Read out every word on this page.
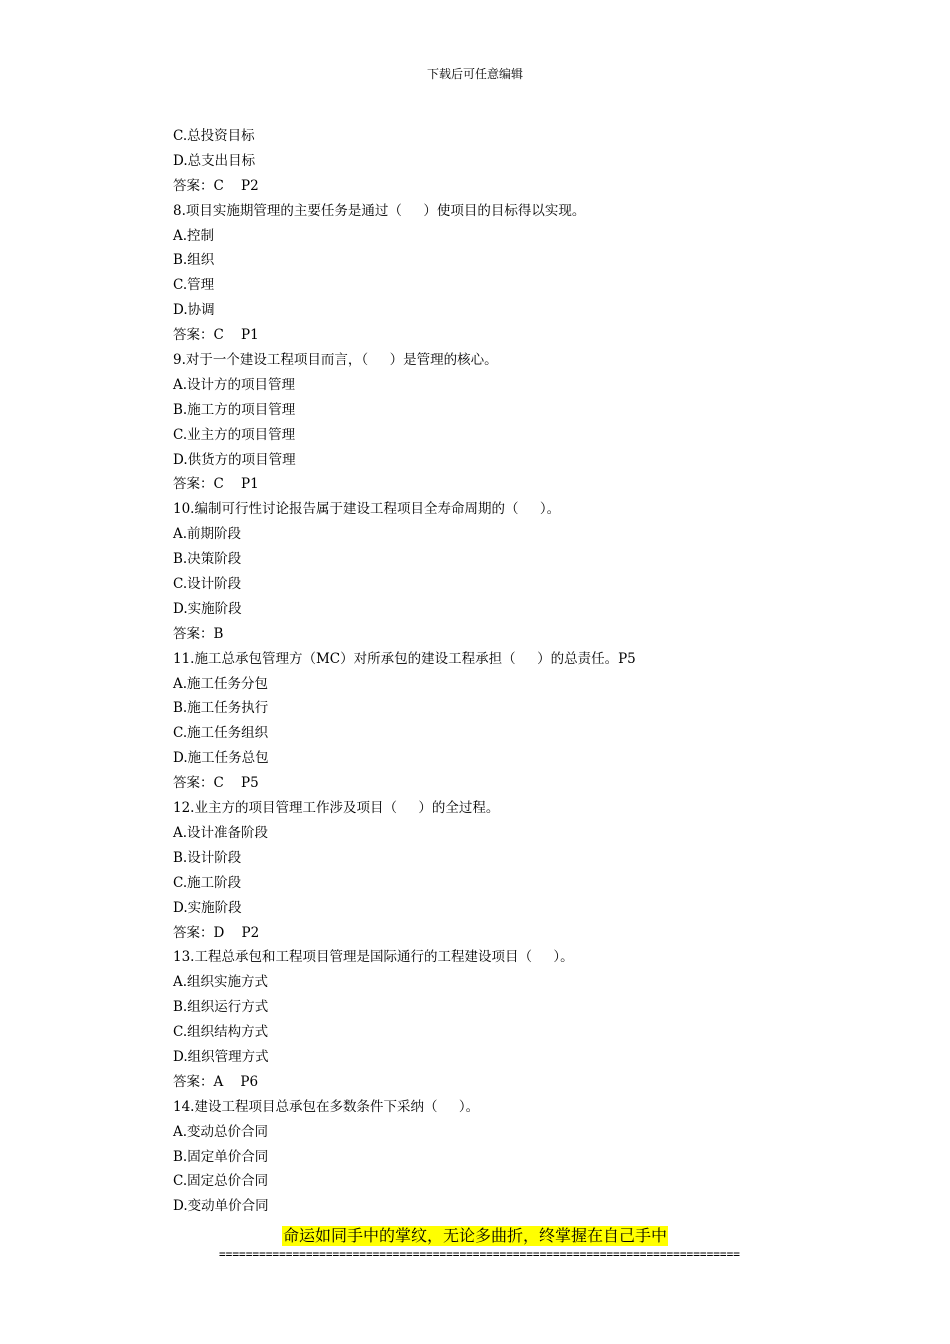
下载后可任意编辑
C.总投资目标
D.总支出目标
答案：C    P2
8.项目实施期管理的主要任务是通过（     ）使项目的目标得以实现。
A.控制
B.组织
C.管理
D.协调
答案：C    P1
9.对于一个建设工程项目而言，（     ）是管理的核心。
A.设计方的项目管理
B.施工方的项目管理
C.业主方的项目管理
D.供货方的项目管理
答案：C    P1
10.编制可行性讨论报告属于建设工程项目全寿命周期的（     ）。
A.前期阶段
B.决策阶段
C.设计阶段
D.实施阶段
答案：B
11.施工总承包管理方（MC）对所承包的建设工程承担（     ）的总责任。P5
A.施工任务分包
B.施工任务执行
C.施工任务组织
D.施工任务总包
答案：C    P5
12.业主方的项目管理工作涉及项目（     ）的全过程。
A.设计准备阶段
B.设计阶段
C.施工阶段
D.实施阶段
答案：D    P2
13.工程总承包和工程项目管理是国际通行的工程建设项目（     ）。
A.组织实施方式
B.组织运行方式
C.组织结构方式
D.组织管理方式
答案：A    P6
14.建设工程项目总承包在多数条件下采纳（     ）。
A.变动总价合同
B.固定单价合同
C.固定总价合同
D.变动单价合同
命运如同手中的掌纹，无论多曲折，终掌握在自己手中
==============================================================================
